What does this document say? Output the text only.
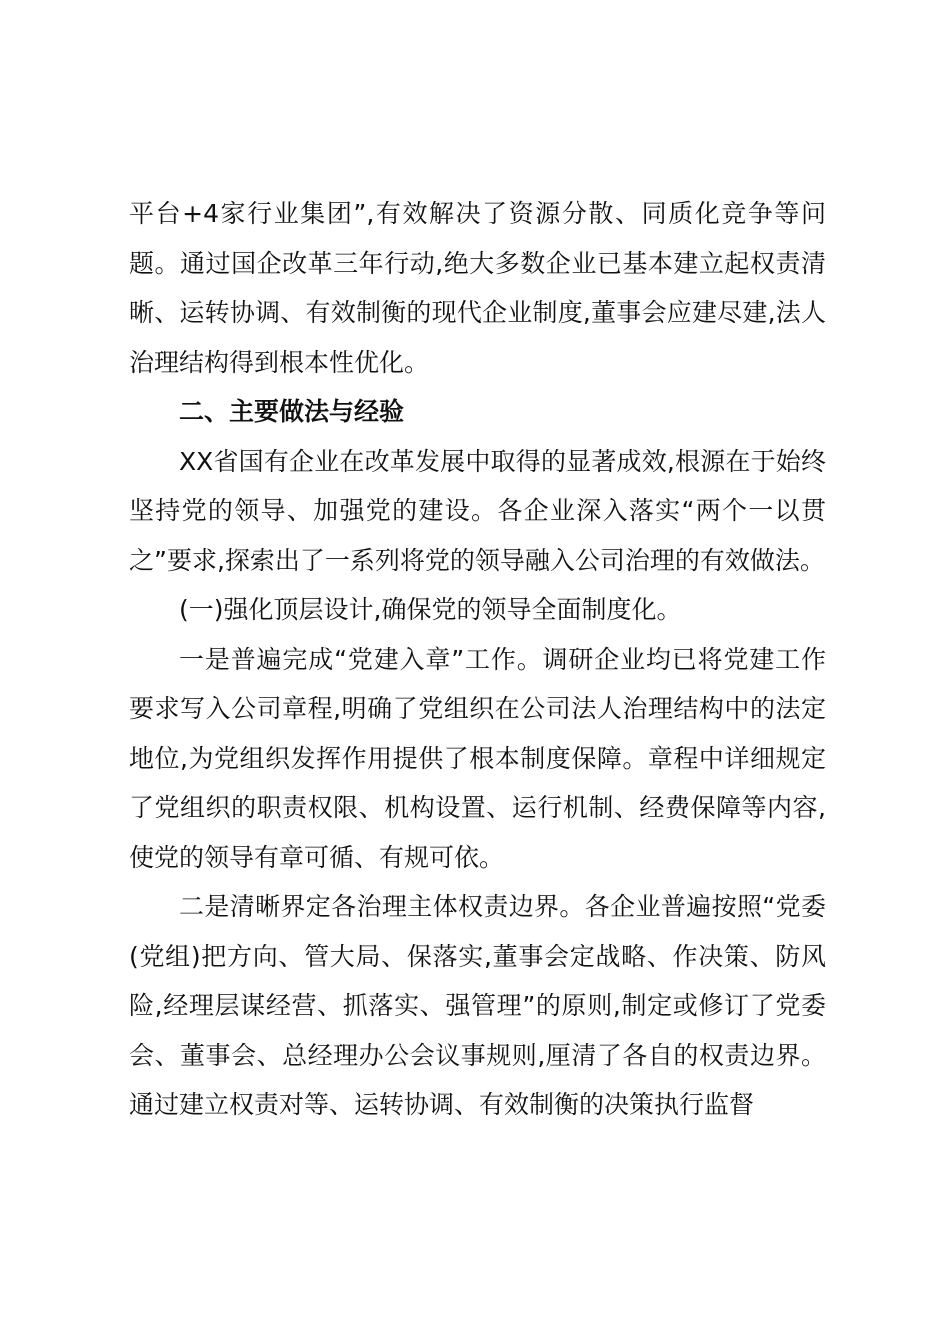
平台+4家行业集团”,有效解决了资源分散、同质化竞争等问题。通过国企改革三年行动,绝大多数企业已基本建立起权责清晰、运转协调、有效制衡的现代企业制度,董事会应建尽建,法人治理结构得到根本性优化。

二、主要做法与经验

XX省国有企业在改革发展中取得的显著成效,根源在于始终坚持党的领导、加强党的建设。各企业深入落实“两个一以贯之”要求,探索出了一系列将党的领导融入公司治理的有效做法。

(一)强化顶层设计,确保党的领导全面制度化。

一是普遍完成“党建入章”工作。调研企业均已将党建工作要求写入公司章程,明确了党组织在公司法人治理结构中的法定地位,为党组织发挥作用提供了根本制度保障。章程中详细规定了党组织的职责权限、机构设置、运行机制、经费保障等内容,使党的领导有章可循、有规可依。

二是清晰界定各治理主体权责边界。各企业普遍按照“党委(党组)把方向、管大局、保落实,董事会定战略、作决策、防风险,经理层谋经营、抓落实、强管理”的原则,制定或修订了党委会、董事会、总经理办公会议事规则,厘清了各自的权责边界。通过建立权责对等、运转协调、有效制衡的决策执行监督
